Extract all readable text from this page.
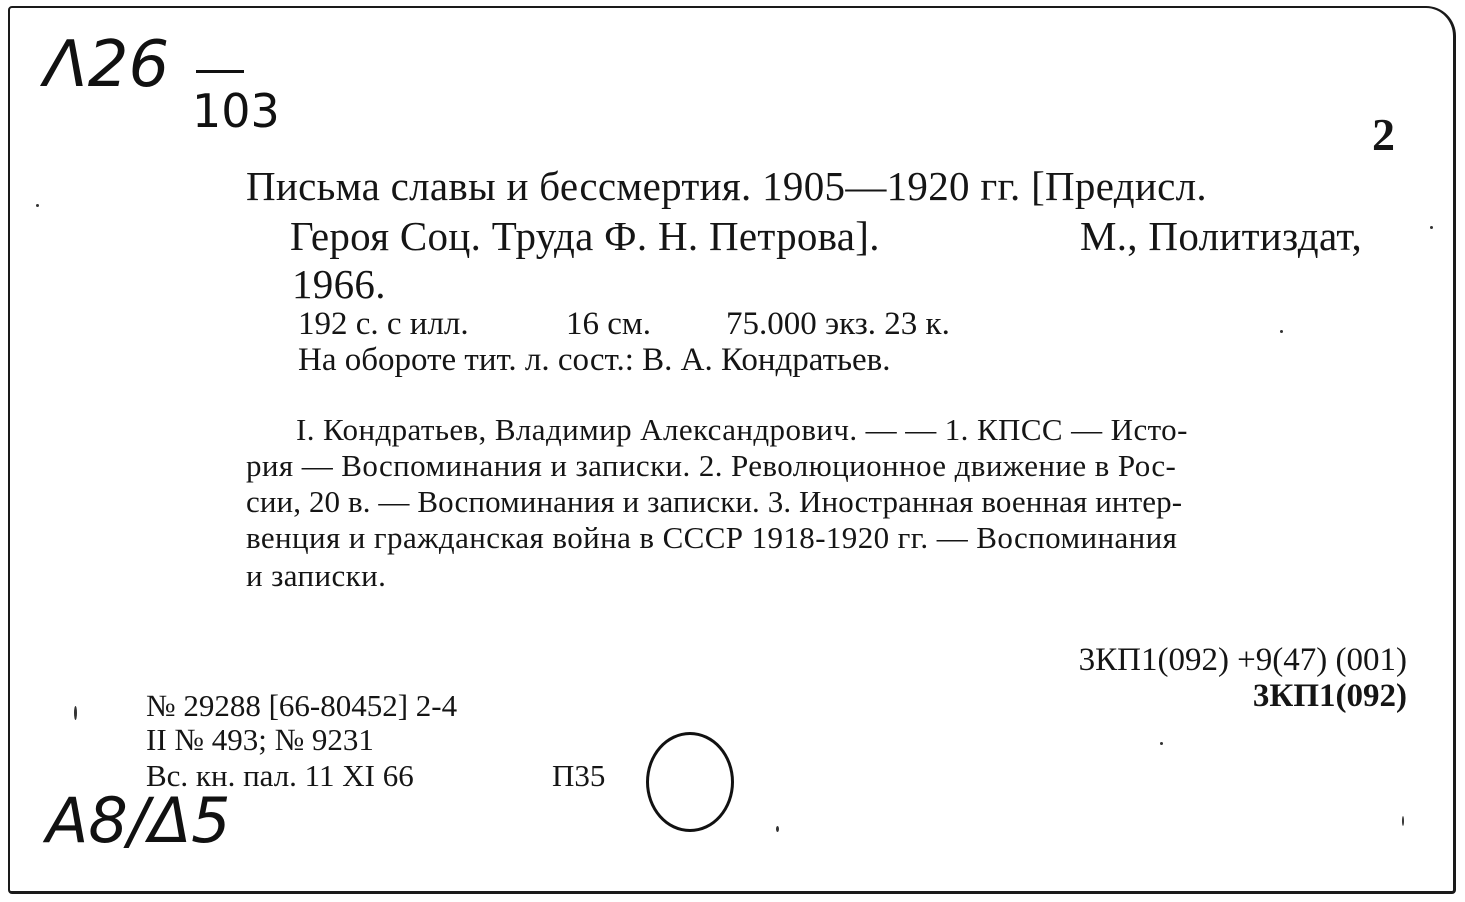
Λ26
103	2
Письма славы и бессмертия. 1905—1920 гг. [Предисл.
Героя Соц. Труда Ф. Н. Петрова].	М., Политиздат,
1966.
192 с. с илл.	16 см. 75.000 экз. 23 к.
На обороте тит. л. сост.: В. А. Кондратьев.
I. Кондратьев, Владимир Александрович. — — 1. КПСС — Исто-
рия — Воспоминания и записки. 2. Революционное движение в Рос-
сии, 20 в. — Воспоминания и записки. 3. Иностранная военная интер-
венция и гражданская война в СССР 1918-1920 гг. — Воспоминания
и записки.
3КП1(092) +9(47) (001)
3КП1(092)
№ 29288 [66-80452] 2-4
II № 493; № 9231
Вс. кн. пал. 11 XI 66	П35
A8/Δ5
